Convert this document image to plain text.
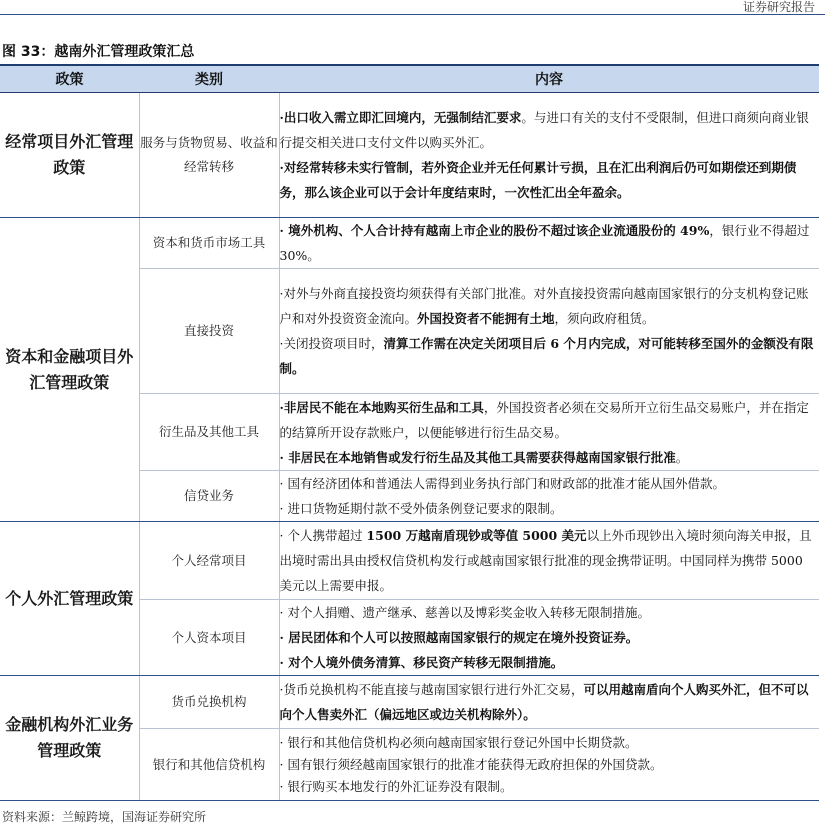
证券研究报告
图 33：越南外汇管理政策汇总
政策	类别	内容
经常项目外汇管理政策	服务与货物贸易、收益和经常转移	·出口收入需立即汇回境内，无强制结汇要求。与进口有关的支付不受限制，但进口商须向商业银行提交相关进口支付文件以购买外汇。

·对经常转移未实行管制，若外资企业并无任何累计亏损，且在汇出利润后仍可如期偿还到期债务，那么该企业可以于会计年度结束时，一次性汇出全年盈余。

资本和金融项目外汇管理政策	资本和货币市场工具	· 境外机构、个人合计持有越南上市企业的股份不超过该企业流通股份的 49%，银行业不得超过 30%。

	直接投资	·对外与外商直接投资均须获得有关部门批准。对外直接投资需向越南国家银行的分支机构登记账户和对外投资资金流向。外国投资者不能拥有土地，须向政府租赁。

·关闭投资项目时，清算工作需在决定关闭项目后 6 个月内完成，对可能转移至国外的金额没有限制。

	衍生品及其他工具	·非居民不能在本地购买衍生品和工具，外国投资者必须在交易所开立衍生品交易账户，并在指定的结算所开设存款账户，以便能够进行衍生品交易。

· 非居民在本地销售或发行衍生品及其他工具需要获得越南国家银行批准。

	信贷业务	· 国有经济团体和普通法人需得到业务执行部门和财政部的批准才能从国外借款。

· 进口货物延期付款不受外债条例登记要求的限制。

个人外汇管理政策	个人经常项目	· 个人携带超过 1500 万越南盾现钞或等值 5000 美元以上外币现钞出入境时须向海关申报，且出境时需出具由授权信贷机构发行或越南国家银行批准的现金携带证明。中国同样为携带 5000 美元以上需要申报。

	个人资本项目	· 对个人捐赠、遗产继承、慈善以及博彩奖金收入转移无限制措施。

· 居民团体和个人可以按照越南国家银行的规定在境外投资证券。

· 对个人境外债务清算、移民资产转移无限制措施。

金融机构外汇业务管理政策	货币兑换机构	·货币兑换机构不能直接与越南国家银行进行外汇交易，可以用越南盾向个人购买外汇，但不可以向个人售卖外汇（偏远地区或边关机构除外）。

	银行和其他信贷机构	· 银行和其他信贷机构必须向越南国家银行登记外国中长期贷款。

· 国有银行须经越南国家银行的批准才能获得无政府担保的外国贷款。

· 银行购买本地发行的外汇证券没有限制。

资料来源：兰鲸跨境，国海证券研究所
